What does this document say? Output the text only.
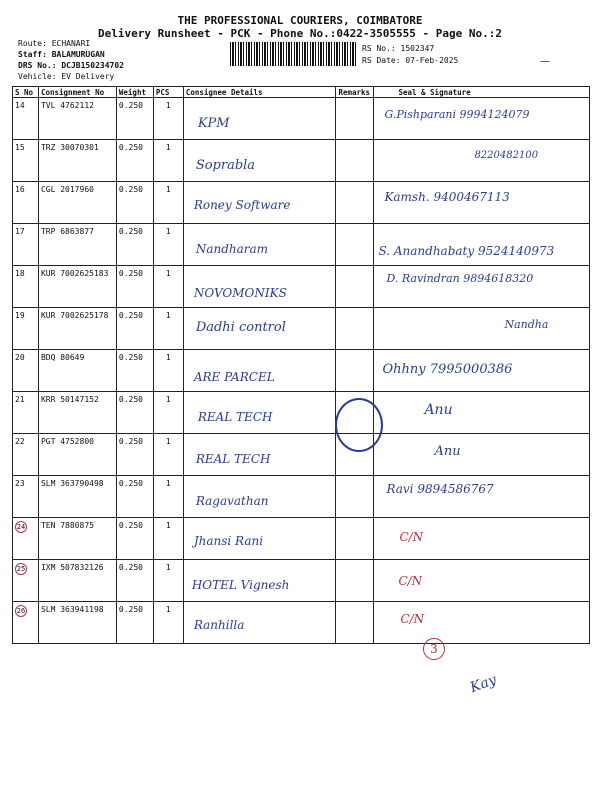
THE PROFESSIONAL COURIERS, COIMBATORE
Delivery Runsheet - PCK - Phone No.:0422-3505555 - Page No.:2
Route: ECHANARI
Staff: BALAMURUGAN
DRS No.: DCJB150234702
Vehicle: EV Delivery
RS No.: 1502347
RS Date: 07-Feb-2025	—
S No	Consignment No	Weight	PCS	Consignee Details	Remarks	Seal & Signature
14	TVL 4762112	0.250	1	KPM		G.Pishparani 9994124079

15	TRZ 30070301	0.250	1	Soprabla		8220482100

16	CGL 2017960	0.250	1	Roney Software		Kamsh. 9400467113

17	TRP 6863877	0.250	1	Nandharam		S. Anandhabaty 9524140973

18	KUR 7002625183	0.250	1	NOVOMONIKS		D. Ravindran 9894618320

19	KUR 7002625178	0.250	1	Dadhi control		Nandha

20	BDQ 80649	0.250	1	ARE PARCEL		Ohhny 7995000386

21	KRR 50147152	0.250	1	REAL TECH		Anu

22	PGT 4752800	0.250	1	REAL TECH		Anu

23	SLM 363790498	0.250	1	Ragavathan		Ravi 9894586767

24	TEN 7880875	0.250	1	Jhansi Rani		C/N

25	IXM 507832126	0.250	1	HOTEL Vignesh		C/N

26	SLM 363941198	0.250	1	Ranhilla		C/N
3
Kay
